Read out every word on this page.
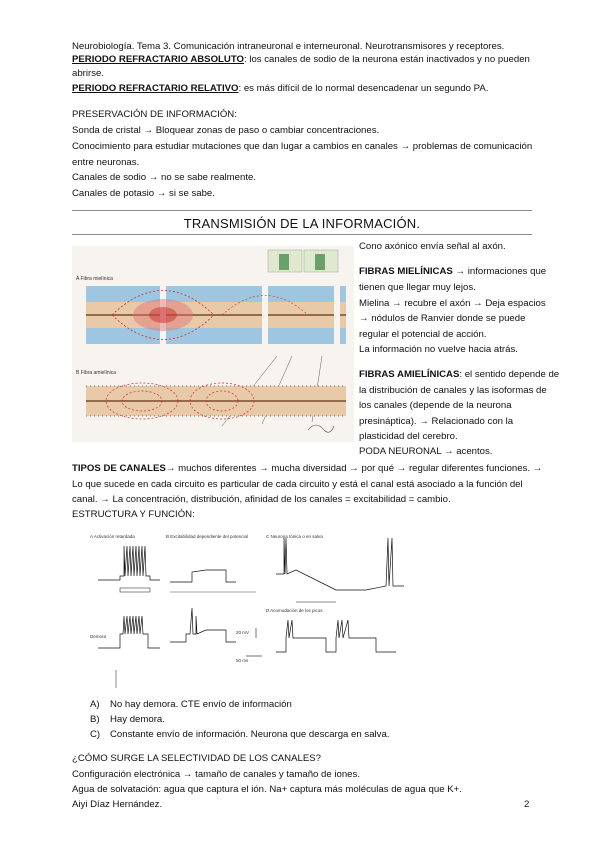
Neurobiología. Tema 3. Comunicación intraneuronal e interneuronal. Neurotransmisores y receptores.
PERIODO REFRACTARIO ABSOLUTO: los canales de sodio de la neurona están inactivados y no pueden
abrirse.
PERIODO REFRACTARIO RELATIVO: es más difícil de lo normal desencadenar un segundo PA.
PRESERVACIÓN DE INFORMACIÓN:
Sonda de cristal → Bloquear zonas de paso o cambiar concentraciones.
Conocimiento para estudiar mutaciones que dan lugar a cambios en canales → problemas de comunicación
entre neuronas.
Canales de sodio → no se sabe realmente.
Canales de potasio → si se sabe.
TRANSMISIÓN DE LA INFORMACIÓN.
A Fibra mielínica
B Fibra amielínica
Cono axónico envía señal al axón.
FIBRAS MIELÍNICAS → informaciones que
tienen que llegar muy lejos.
Mielina → recubre el axón → Deja espacios
→ nódulos de Ranvier donde se puede
regular el potencial de acción.
La información no vuelve hacia atrás.
FIBRAS AMIELÍNICAS: el sentido depende de
la distribución de canales y las isoformas de
los canales (depende de la neurona
presináptica). → Relacionado con la
plasticidad del cerebro.
PODA NEURONAL → acentos.
TIPOS DE CANALES→ muchos diferentes → mucha diversidad → por qué → regular diferentes funciones. →
Lo que sucede en cada circuito es particular de cada circuito y está el canal está asociado a la función del
canal. → La concentración, distribución, afinidad de los canales = excitabilidad = cambio.
ESTRUCTURA Y FUNCIÓN:
A Activación retardada	B Excitabilidad dependiente del potencial	C Neurona tónica o en salva
D Acomodación de los picos
Demora
20 mV
50 ms
A) No hay demora. CTE envío de información
B) Hay demora.
C) Constante envío de información. Neurona que descarga en salva.
¿CÓMO SURGE LA SELECTIVIDAD DE LOS CANALES?
Configuración electrónica → tamaño de canales y tamaño de iones.
Agua de solvatación: agua que captura el ión. Na+ captura más moléculas de agua que K+.
Aiyi Díaz Hernández.	2
